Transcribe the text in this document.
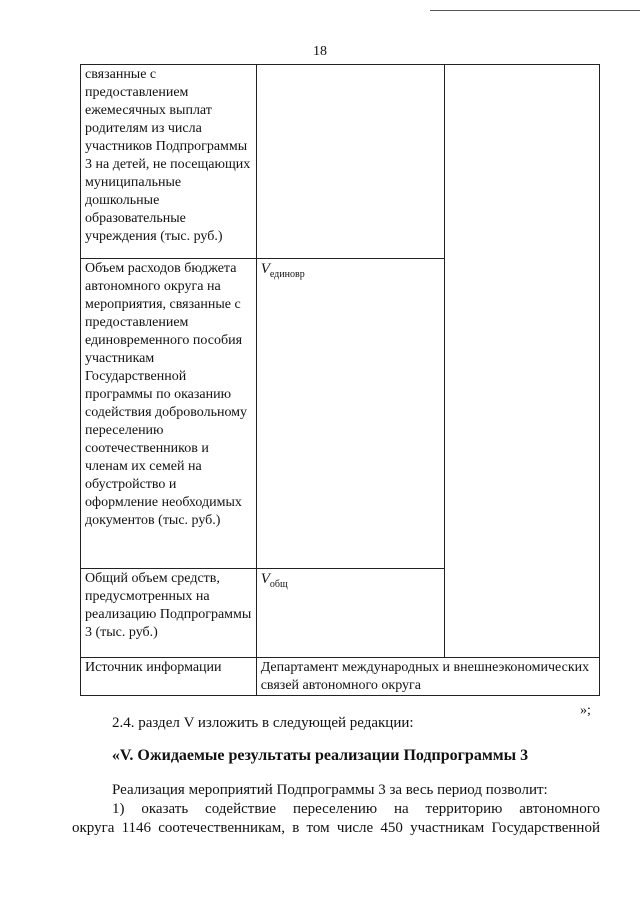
18
связанные с предоставлением ежемесячных выплат родителям из числа участников Подпрограммы 3 на детей, не посещающих муниципальные дошкольные образовательные учреждения (тыс. руб.)		
Объем расходов бюджета автономного округа на мероприятия, связанные с предоставлением единовременного пособия участникам Государственной программы по оказанию содействия добровольному переселению соотечественников и членам их семей на обустройство и оформление необходимых документов (тыс. руб.)	$V_{единовр}$
Общий объем средств, предусмотренных на реализацию Подпрограммы 3 (тыс. руб.)	$V_{общ}$
Источник информации	Департамент международных и внешнеэкономических связей автономного округа	
»;
2.4. раздел V изложить в следующей редакции:
«V. Ожидаемые результаты реализации Подпрограммы 3
Реализация мероприятий Подпрограммы 3 за весь период позволит:
1) оказать содействие переселению на территорию автономного
округа 1146 соотечественникам, в том числе 450 участникам Государственной
